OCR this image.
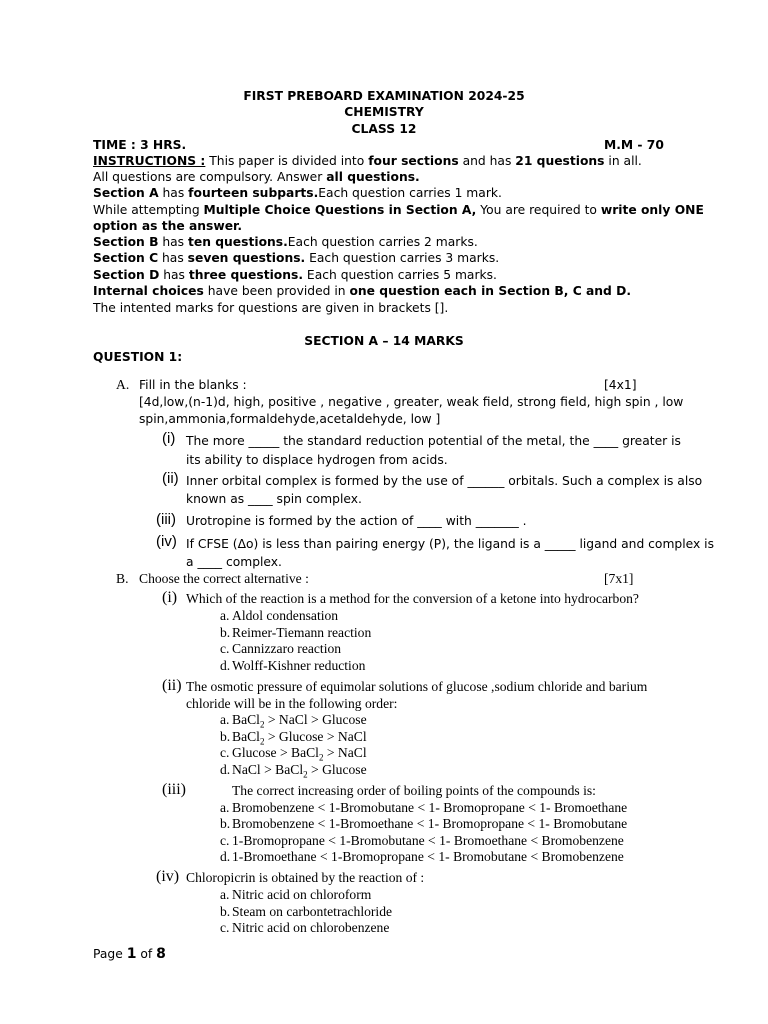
FIRST PREBOARD EXAMINATION 2024-25
CHEMISTRY
CLASS 12
TIME : 3 HRS.	M.M - 70
INSTRUCTIONS : This paper is divided into four sections and has 21 questions in all.
All questions are compulsory. Answer all questions.
Section A has fourteen subparts.Each question carries 1 mark.
While attempting Multiple Choice Questions in Section A, You are required to write only ONE
option as the answer.
Section B has ten questions.Each question carries 2 marks.
Section C has seven questions. Each question carries 3 marks.
Section D has three questions. Each question carries 5 marks.
Internal choices have been provided in one question each in Section B, C and D.
The intented marks for questions are given in brackets [].
SECTION A – 14 MARKS
QUESTION 1:
A. Fill in the blanks :	[4x1]
[4d,low,(n-1)d, high, positive , negative , greater, weak field, strong field, high spin , low
spin,ammonia,formaldehyde,acetaldehyde, low ]
(i) The more _____ the standard reduction potential of the metal, the ____ greater is
its ability to displace hydrogen from acids.
(ii) Inner orbital complex is formed by the use of ______ orbitals. Such a complex is also
known as ____ spin complex.
(iii) Urotropine is formed by the action of ____ with _______ .
(iv) If CFSE (Δo) is less than pairing energy (P), the ligand is a _____ ligand and complex is
a ____ complex.
B. Choose the correct alternative :	[7x1]
(i) Which of the reaction is a method for the conversion of a ketone into hydrocarbon?
a. Aldol condensation
b. Reimer-Tiemann reaction
c. Cannizzaro reaction
d. Wolff-Kishner reduction
(ii) The osmotic pressure of equimolar solutions of glucose ,sodium chloride and barium
chloride will be in the following order:
a. BaCl$_2$ > NaCl > Glucose
b. BaCl$_2$ > Glucose > NaCl
c. Glucose > BaCl$_2$ > NaCl
d. NaCl > BaCl$_2$ > Glucose
(iii)	The correct increasing order of boiling points of the compounds is:
a. Bromobenzene < 1-Bromobutane < 1- Bromopropane < 1- Bromoethane
b. Bromobenzene < 1-Bromoethane < 1- Bromopropane < 1- Bromobutane
c. 1-Bromopropane < 1-Bromobutane < 1- Bromoethane < Bromobenzene
d. 1-Bromoethane < 1-Bromopropane < 1- Bromobutane < Bromobenzene
(iv) Chloropicrin is obtained by the reaction of :
a. Nitric acid on chloroform
b. Steam on carbontetrachloride
c. Nitric acid on chlorobenzene
Page 1 of 8
